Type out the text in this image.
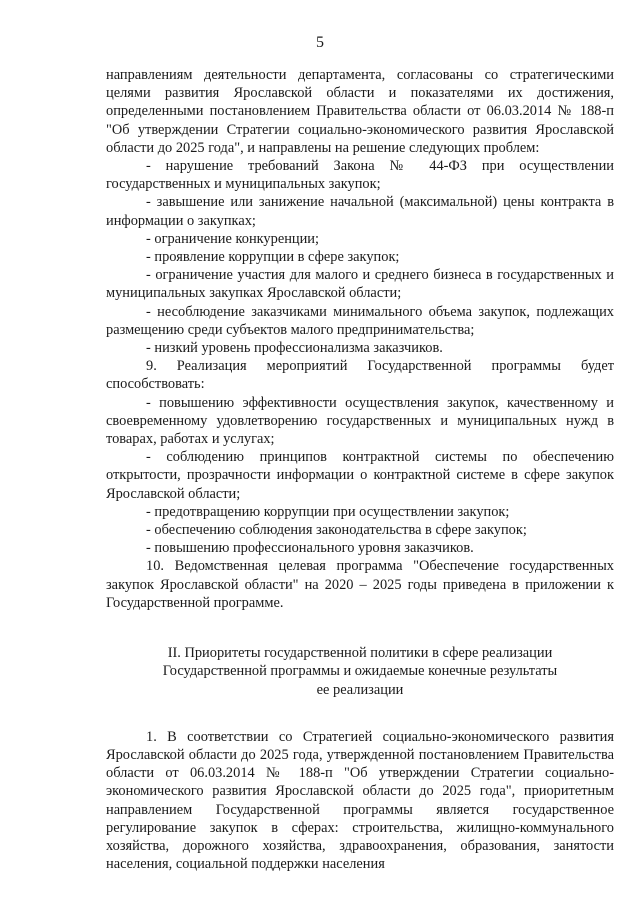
5

направлениям деятельности департамента, согласованы со стратегическими целями развития Ярославской области и показателями их достижения, определенными постановлением Правительства области от 06.03.2014 № 188-п "Об утверждении Стратегии социально-экономического развития Ярославской области до 2025 года", и направлены на решение следующих проблем:

- нарушение требований Закона № 44-ФЗ при осуществлении государственных и муниципальных закупок;

- завышение или занижение начальной (максимальной) цены контракта в информации о закупках;

- ограничение конкуренции;

- проявление коррупции в сфере закупок;

- ограничение участия для малого и среднего бизнеса в государственных и муниципальных закупках Ярославской области;

- несоблюдение заказчиками минимального объема закупок, подлежащих размещению среди субъектов малого предпринимательства;

- низкий уровень профессионализма заказчиков.

9. Реализация мероприятий Государственной программы будет способствовать:

- повышению эффективности осуществления закупок, качественному и своевременному удовлетворению государственных и муниципальных нужд в товарах, работах и услугах;

- соблюдению принципов контрактной системы по обеспечению открытости, прозрачности информации о контрактной системе в сфере закупок Ярославской области;

- предотвращению коррупции при осуществлении закупок;

- обеспечению соблюдения законодательства в сфере закупок;

- повышению профессионального уровня заказчиков.

10. Ведомственная целевая программа "Обеспечение государственных закупок Ярославской области" на 2020 – 2025 годы приведена в приложении к Государственной программе.

II. Приоритеты государственной политики в сфере реализации

Государственной программы и ожидаемые конечные результаты

ее реализации

1. В соответствии со Стратегией социально-экономического развития Ярославской области до 2025 года, утвержденной постановлением Правительства области от 06.03.2014 № 188-п "Об утверждении Стратегии социально-экономического развития Ярославской области до 2025 года", приоритетным направлением Государственной программы является государственное регулирование закупок в сферах: строительства, жилищно-коммунального хозяйства, дорожного хозяйства, здравоохранения, образования, занятости населения, социальной поддержки населения
